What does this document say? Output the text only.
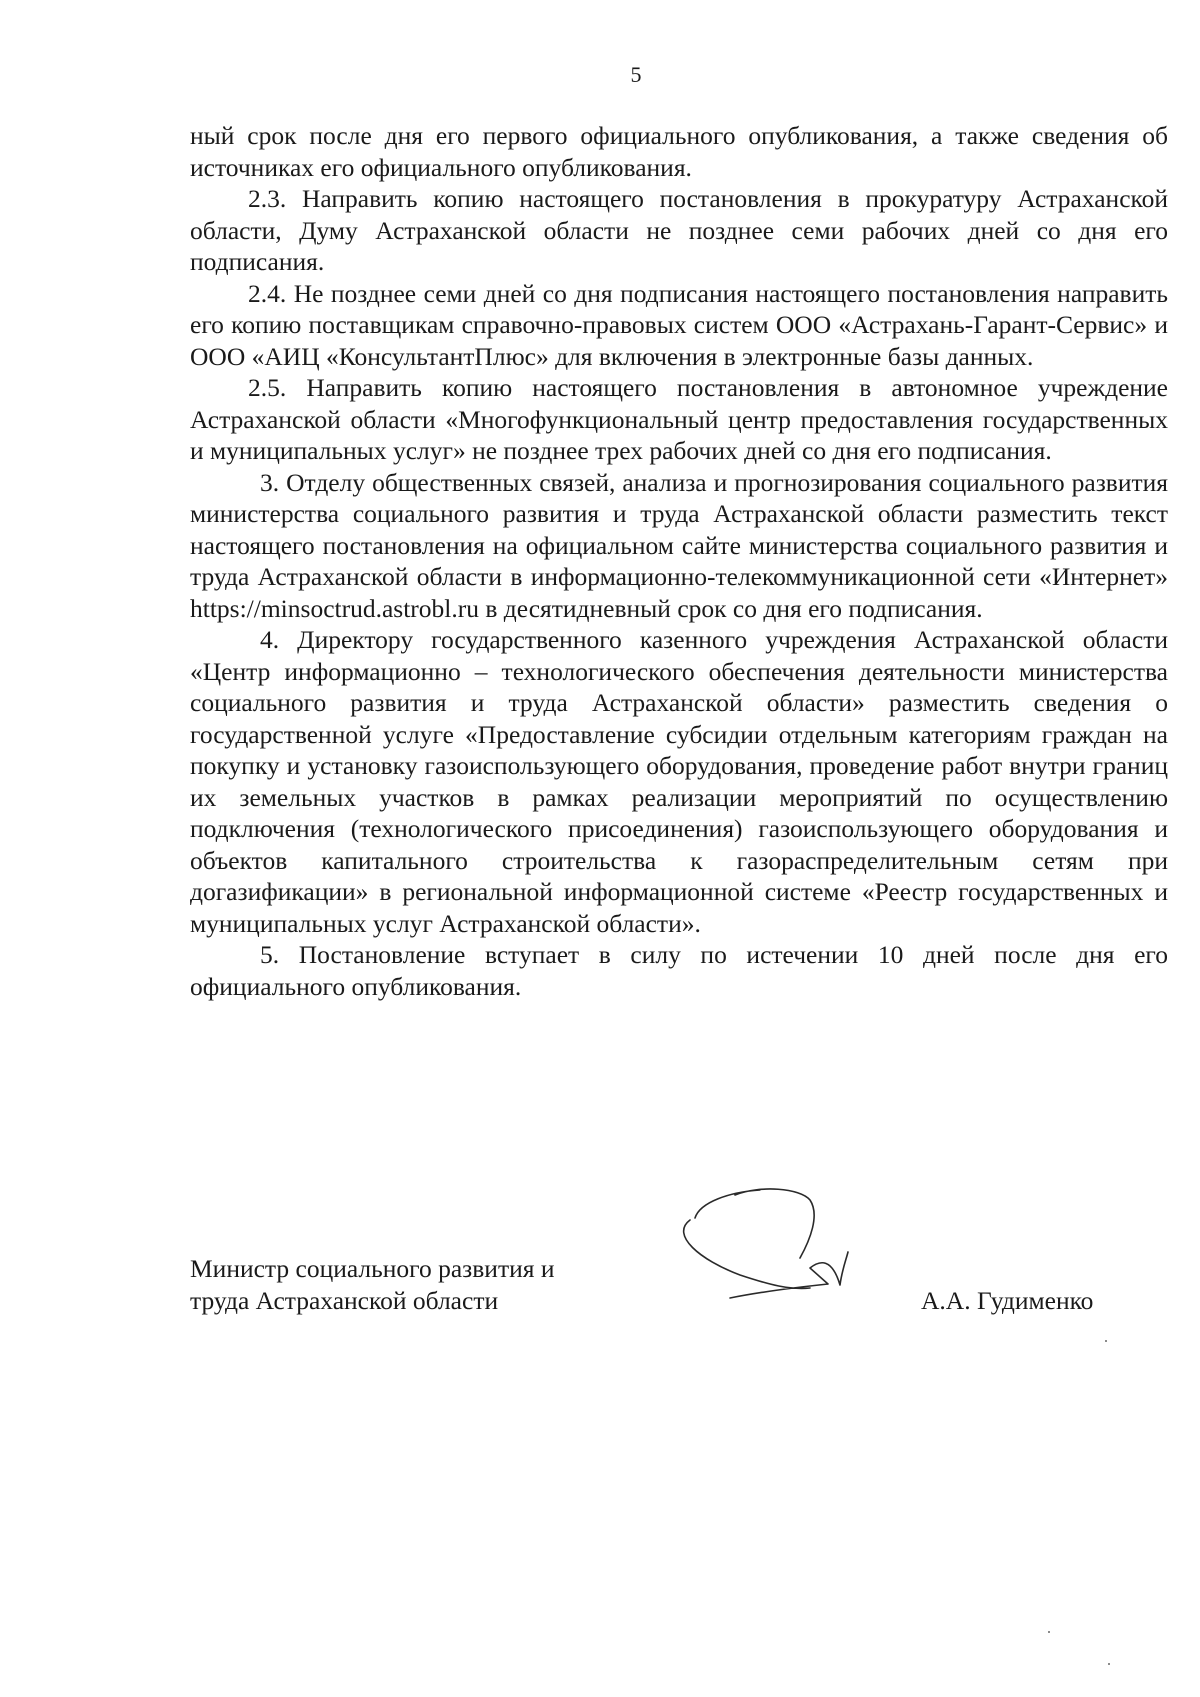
5

ный срок после дня его первого официального опубликования, а также сведения об источниках его официального опубликования.

2.3. Направить копию настоящего постановления в прокуратуру Астраханской области, Думу Астраханской области не позднее семи рабочих дней со дня его подписания.

2.4. Не позднее семи дней со дня подписания настоящего постановления направить его копию поставщикам справочно-правовых систем ООО «Астрахань-Гарант-Сервис» и ООО «АИЦ «КонсультантПлюс» для включения в электронные базы данных.

2.5. Направить копию настоящего постановления в автономное учреждение Астраханской области «Многофункциональный центр предоставления государственных и муниципальных услуг» не позднее трех рабочих дней со дня его подписания.

3. Отделу общественных связей, анализа и прогнозирования социального развития министерства социального развития и труда Астраханской области разместить текст настоящего постановления на официальном сайте министерства социального развития и труда Астраханской области в информационно-телекоммуникационной сети «Интернет» https://minsoctrud.astrobl.ru в десятидневный срок со дня его подписания.

4. Директору государственного казенного учреждения Астраханской области «Центр информационно – технологического обеспечения деятельности министерства социального развития и труда Астраханской области» разместить сведения о государственной услуге «Предоставление субсидии отдельным категориям граждан на покупку и установку газоиспользующего оборудования, проведение работ внутри границ их земельных участков в рамках реализации мероприятий по осуществлению подключения (технологического присоединения) газоиспользующего оборудования и объектов капитального строительства к газораспределительным сетям при догазификации» в региональной информационной системе «Реестр государственных и муниципальных услуг Астраханской области».

5. Постановление вступает в силу по истечении 10 дней после дня его официального опубликования.

Министр социального развития и
труда Астраханской области	А.А. Гудименко
